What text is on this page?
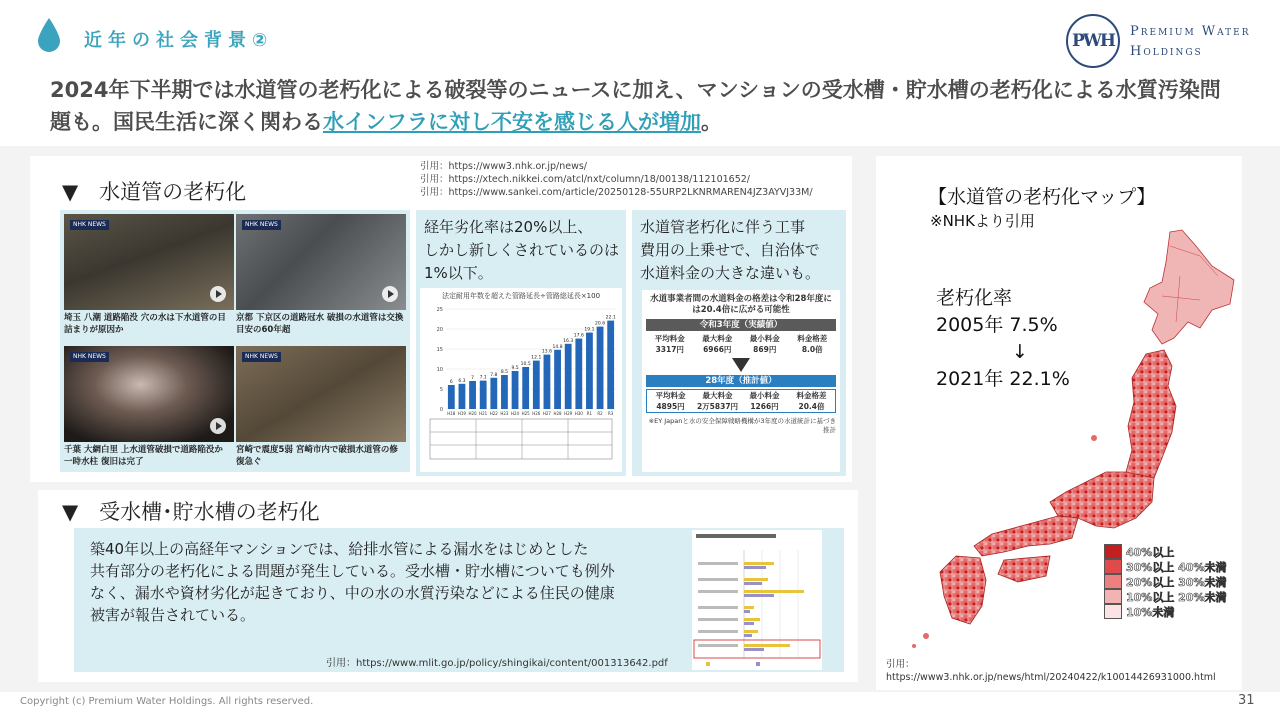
近年の社会背景②	PWH	Premium Water
Holdings
2024年下半期では水道管の老朽化による破裂等のニュースに加え、マンションの受水槽・貯水槽の老朽化による水質汚染問題も。国民生活に深く関わる水インフラに対し不安を感じる人が増加。
▼　水道管の老朽化
引用：https://www3.nhk.or.jp/news/
引用：https://xtech.nikkei.com/atcl/nxt/column/18/00138/112101652/
引用：https://www.sankei.com/article/20250128-55URP2LKNRMAREN4JZ3AYVJ33M/
NHK NEWS
埼玉 八潮 道路陥没 穴の水は下水道管の目詰まりが原因か
NHK NEWS
京都 下京区の道路冠水 破損の水道管は交換目安の60年超
NHK NEWS
千葉 大網白里 上水道管破損で道路陥没か 一時水柱 復旧は完了
NHK NEWS
宮崎で震度5弱 宮崎市内で破損水道管の修復急ぐ
経年劣化率は20%以上、
しかし新しくされているのは
1%以下。
法定耐用年数を超えた管路延長÷管路総延長×100
0
5
10
15
20
25
6
H18
6.3
H19
7
H20
7.1
H21
7.8
H22
8.5
H23
9.5
H24
10.5
H25
12.1
H26
13.6
H27
14.8
H28
16.3
H29
17.6
H30
19.1
R1
20.6
R2
22.1
R3
水道管老朽化に伴う工事
費用の上乗せで、自治体で
水道料金の大きな違いも。
水道事業者間の水道料金の格差は令和28年度には20.4倍に広がる可能性
令和3年度（実績値）
平均料金	最大料金	最小料金	料金格差
3317円	6966円	869円	8.0倍
28年度（推計値）
平均料金	最大料金	最小料金	料金格差
4895円	2万5837円	1266円	20.4倍
※EY Japanと水の安全保障戦略機構が3年度の水道統計に基づき推計
▼　受水槽･貯水槽の老朽化
築40年以上の高経年マンションでは、給排水管による漏水をはじめとした
共有部分の老朽化による問題が発生している。受水槽・貯水槽についても例外
なく、漏水や資材劣化が起きており、中の水の水質汚染などによる住民の健康
被害が報告されている。
引用：https://www.mlit.go.jp/policy/shingikai/content/001313642.pdf
【水道管の老朽化マップ】
※NHKより引用
老朽化率
2005年 7.5%
↓
2021年 22.1%
40%以上
30%以上 40%未満
20%以上 30%未満
10%以上 20%未満
10%未満
引用：
https://www3.nhk.or.jp/news/html/20240422/k10014426931000.html
Copyright (c) Premium Water Holdings. All rights reserved.	31
